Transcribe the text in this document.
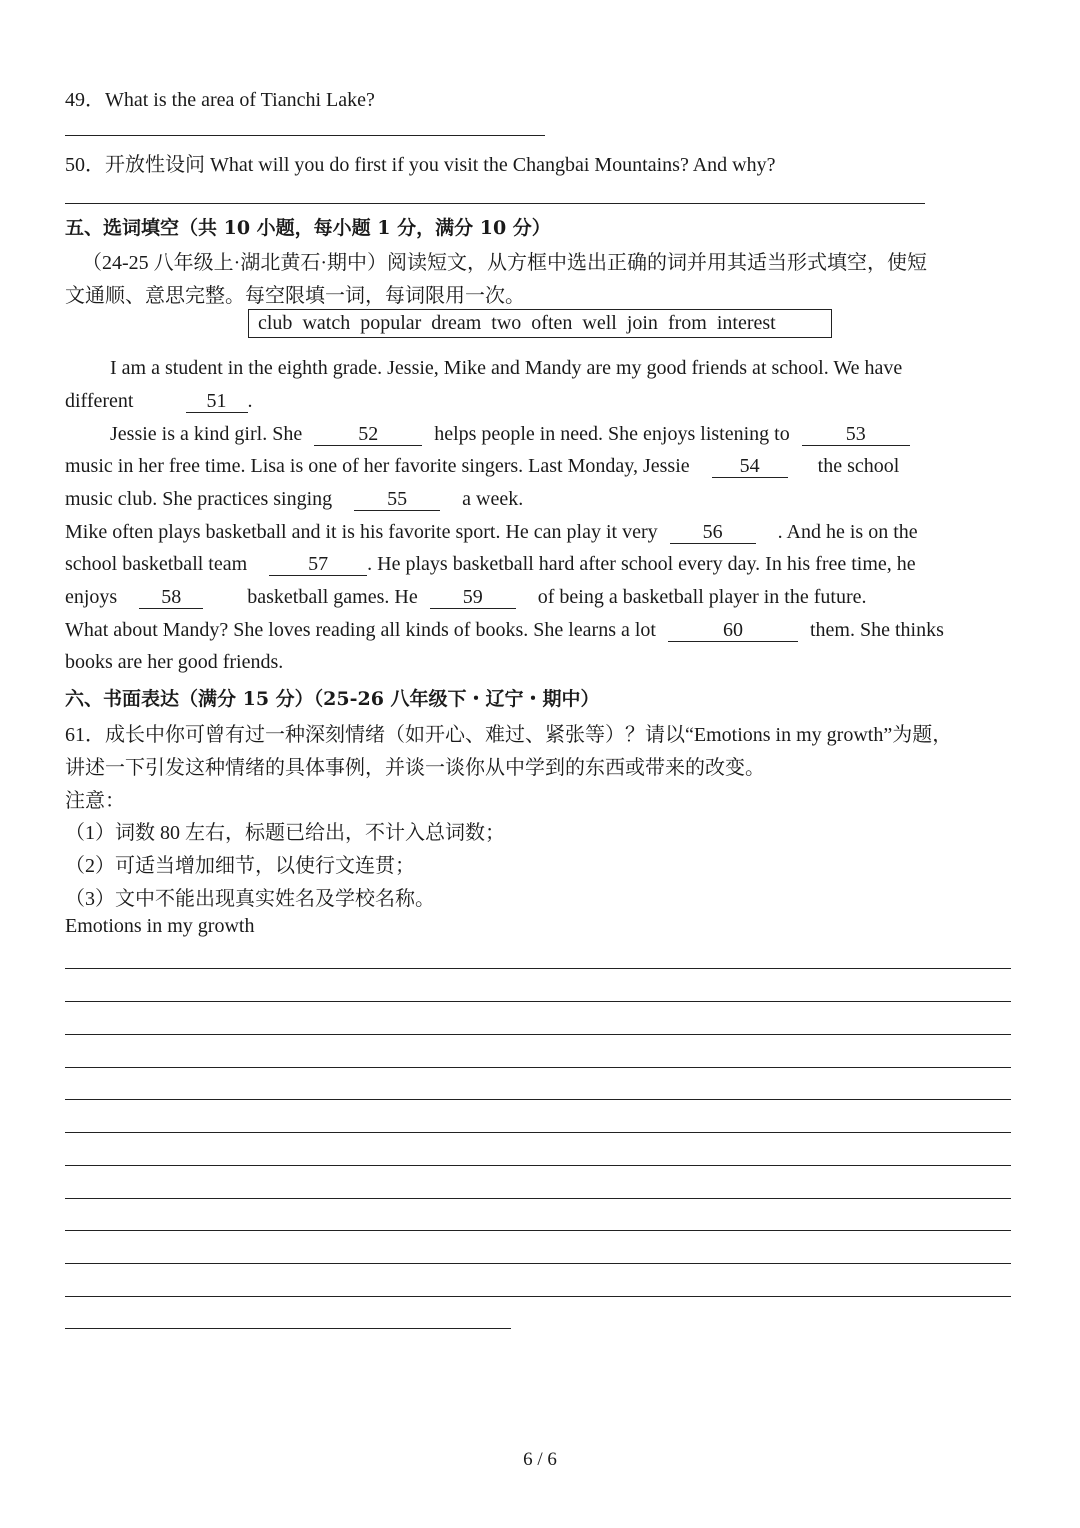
49．What is the area of Tianchi Lake?
50．开放性设问 What will you do first if you visit the Changbai Mountains? And why?
五、选词填空（共 10 小题，每小题 1 分，满分 10 分）
（24-25 八年级上·湖北黄石·期中）阅读短文，从方框中选出正确的词并用其适当形式填空，使短
文通顺、意思完整。每空限填一词，每词限用一次。
club watch popular dream two often well join from interest
I am a student in the eighth grade. Jessie, Mike and Mandy are my good friends at school. We have
different	51 .
Jessie is a kind girl. She	52	helps people in need. She enjoys listening to	53
music in her free time. Lisa is one of her favorite singers. Last Monday, Jessie	54	the school
music club. She practices singing	55	a week.
Mike often plays basketball and it is his favorite sport. He can play it very 56	. And he is on the
school basketball team	57 . He plays basketball hard after school every day. In his free time, he
enjoys 58	basketball games. He 59	of being a basketball player in the future.
What about Mandy? She loves reading all kinds of books. She learns a lot	60	them. She thinks
books are her good friends.
六、书面表达（满分 15 分）（25-26 八年级下・辽宁・期中）
61．成长中你可曾有过一种深刻情绪（如开心、难过、紧张等）？请以“Emotions in my growth”为题，
讲述一下引发这种情绪的具体事例，并谈一谈你从中学到的东西或带来的改变。
注意：
（1）词数 80 左右，标题已给出，不计入总词数；
（2）可适当增加细节，以使行文连贯；
（3）文中不能出现真实姓名及学校名称。
Emotions in my growth
6 / 6
